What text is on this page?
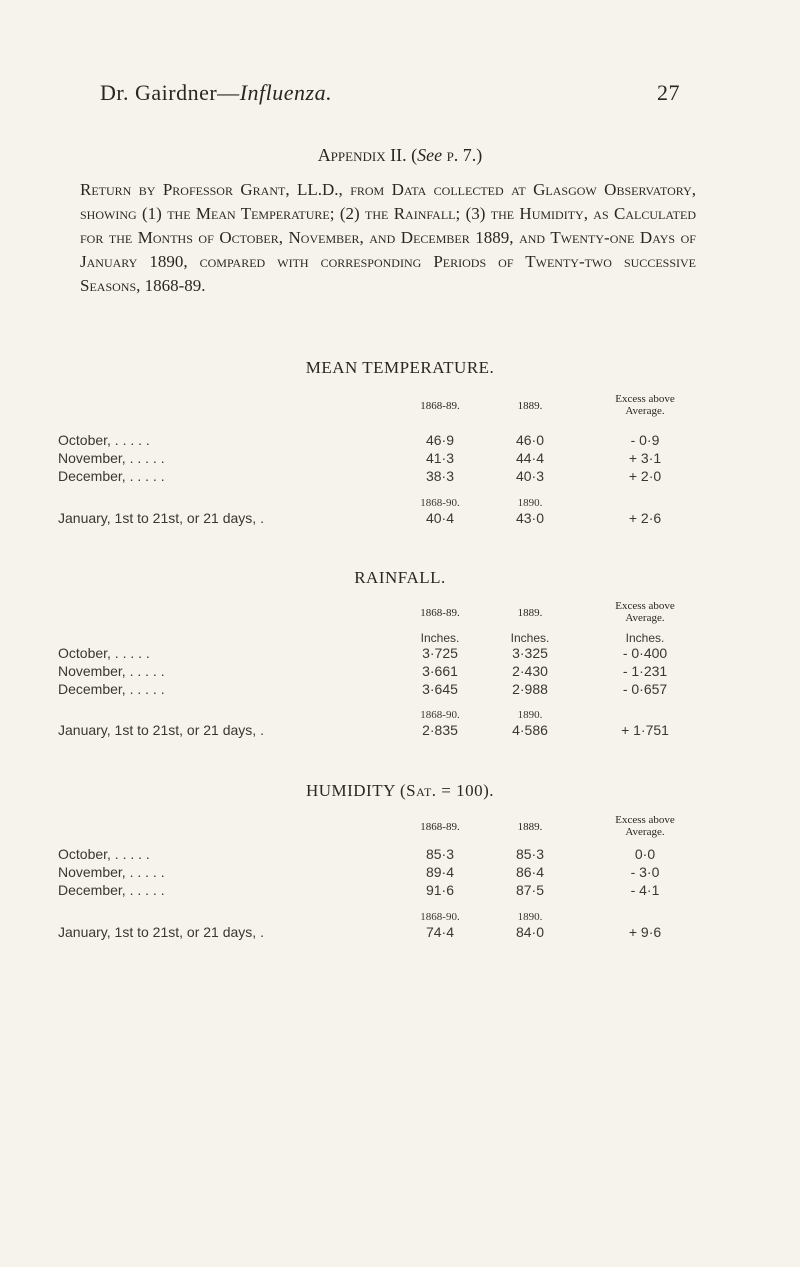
Dr. Gairdner—Influenza.	27
Appendix II. (See p. 7.)
Return by Professor Grant, LL.D., from Data collected at Glasgow Observatory, showing (1) the Mean Temperature; (2) the Rainfall; (3) the Humidity, as Calculated for the Months of October, November, and December 1889, and Twenty-one Days of January 1890, compared with corresponding Periods of Twenty-two successive Seasons, 1868-89.
MEAN TEMPERATURE.
1868-89.	1889.
Excess above
Average.
October, . . . . .	46·9	46·0	- 0·9
November, . . . . .	41·3	44·4	+ 3·1
December, . . . . .	38·3	40·3	+ 2·0
1868-90.	1890.
January, 1st to 21st, or 21 days, .	40·4	43·0	+ 2·6
RAINFALL.
1868-89.	1889.
Excess above
Average.
Inches.	Inches.	Inches.
October, . . . . .	3·725	3·325	- 0·400
November, . . . . .	3·661	2·430	- 1·231
December, . . . . .	3·645	2·988	- 0·657
1868-90.	1890.
January, 1st to 21st, or 21 days, .	2·835	4·586	+ 1·751
HUMIDITY (Sat. = 100).
1868-89.	1889.
Excess above
Average.
October, . . . . .	85·3	85·3	0·0
November, . . . . .	89·4	86·4	- 3·0
December, . . . . .	91·6	87·5	- 4·1
1868-90.	1890.
January, 1st to 21st, or 21 days, .	74·4	84·0	+ 9·6
